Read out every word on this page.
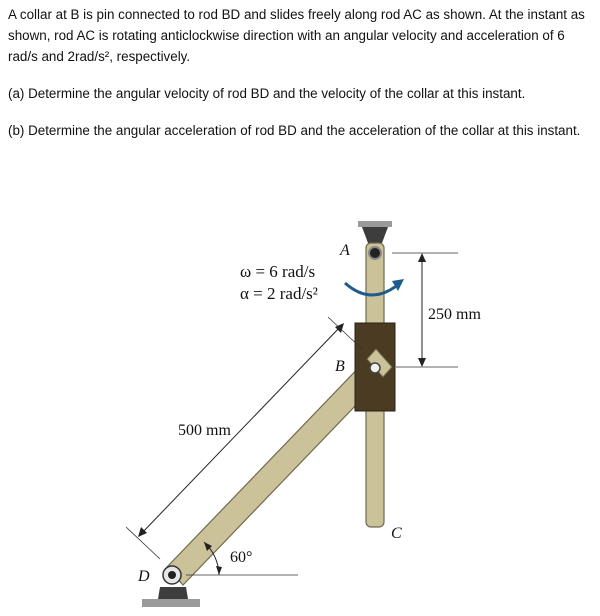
A collar at B is pin connected to rod BD and slides freely along rod AC as shown. At the instant as shown, rod AC is rotating anticlockwise direction with an angular velocity and acceleration of 6 rad/s and 2rad/s², respectively.

(a) Determine the angular velocity of rod BD and the velocity of the collar at this instant.

(b) Determine the angular acceleration of rod BD and the acceleration of the collar at this instant.

250 mm
500 mm
60°
ω = 6 rad/s
α = 2 rad/s²
A
B
C
D
